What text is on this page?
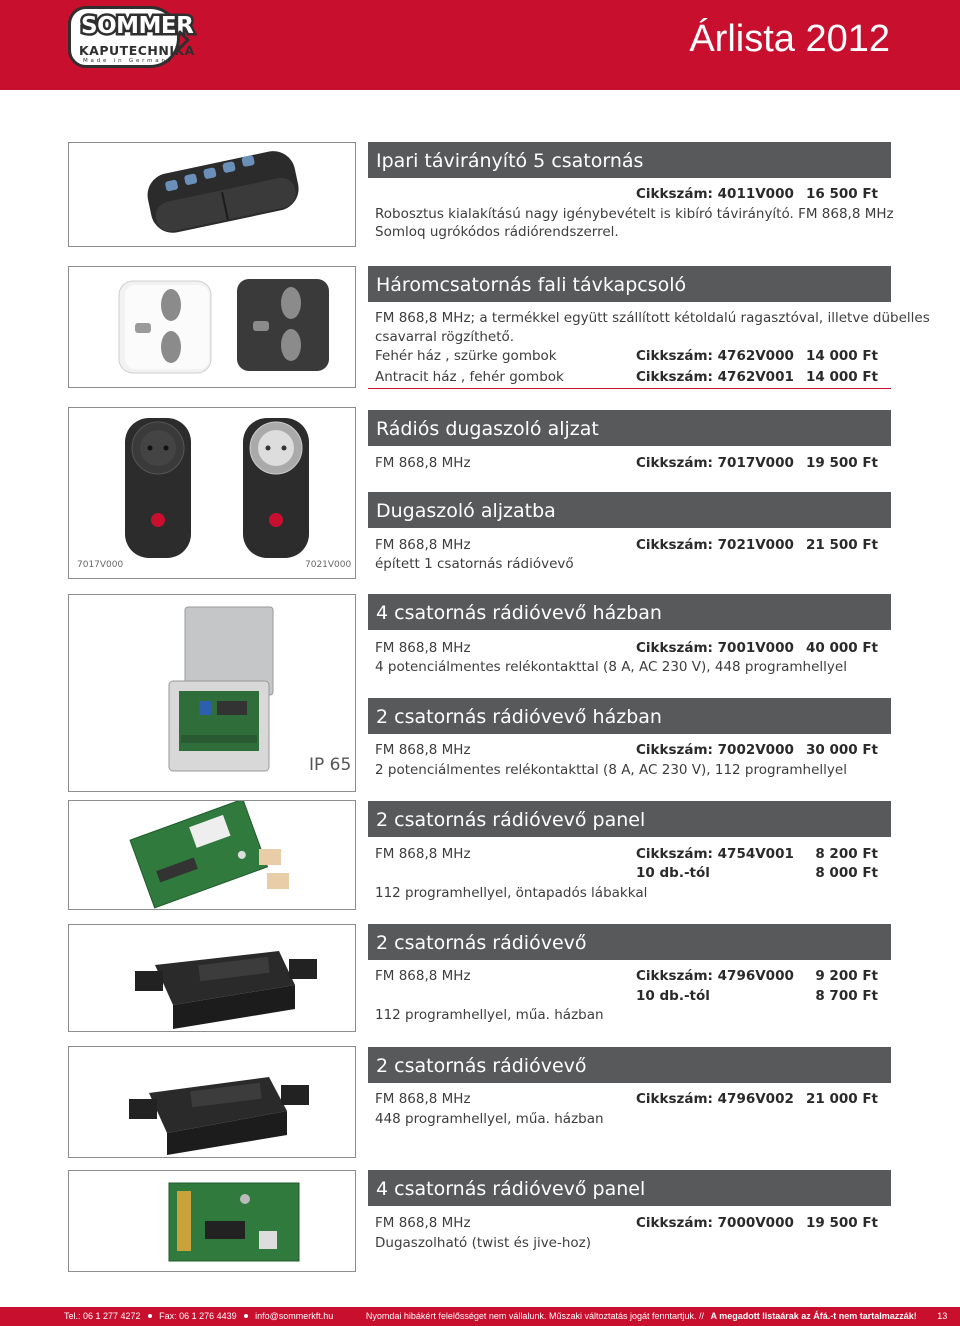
SOMMER
KAPUTECHNIKA
Made in Germany
Árlista 2012
7017V000	7021V000
IP 65
Ipari távirányító 5 csatornás
Cikkszám: 4011V000 16 500 Ft
Robosztus kialakítású nagy igénybevételt is kibíró távirányító. FM 868,8 MHz
Somloq ugrókódos rádiórendszerrel.
Háromcsatornás fali távkapcsoló
FM 868,8 MHz; a termékkel együtt szállított kétoldalú ragasztóval, illetve dübelles
csavarral rögzíthető.
Fehér ház , szürke gombok	Cikkszám: 4762V000 14 000 Ft
Antracit ház , fehér gombok	Cikkszám: 4762V001 14 000 Ft
Rádiós dugaszoló aljzat
FM 868,8 MHz	Cikkszám: 7017V000 19 500 Ft
Dugaszoló aljzatba
FM 868,8 MHz	Cikkszám: 7021V000 21 500 Ft
épített 1 csatornás rádióvevő
4 csatornás rádióvevő házban
FM 868,8 MHz	Cikkszám: 7001V000 40 000 Ft
4 potenciálmentes relékontakttal (8 A, AC 230 V), 448 programhellyel
2 csatornás rádióvevő házban
FM 868,8 MHz	Cikkszám: 7002V000 30 000 Ft
2 potenciálmentes relékontakttal (8 A, AC 230 V), 112 programhellyel
2 csatornás rádióvevő panel
FM 868,8 MHz	Cikkszám: 4754V001	8 200 Ft
10 db.-tól	8 000 Ft
112 programhellyel, öntapadós lábakkal
2 csatornás rádióvevő
FM 868,8 MHz	Cikkszám: 4796V000	9 200 Ft
10 db.-tól	8 700 Ft
112 programhellyel, műa. házban
2 csatornás rádióvevő
FM 868,8 MHz	Cikkszám: 4796V002 21 000 Ft
448 programhellyel, műa. házban
4 csatornás rádióvevő panel
FM 868,8 MHz	Cikkszám: 7000V000 19 500 Ft
Dugaszolható (twist és jive-hoz)
Tel.: 06 1 277 4272 Fax: 06 1 276 4439 info@sommerkft.hu	Nyomdai hibákért felelősséget nem vállalunk. Műszaki változtatás jogát fenntartjuk. // A megadott listaárak az Áfá.-t nem tartalmazzák! 13
